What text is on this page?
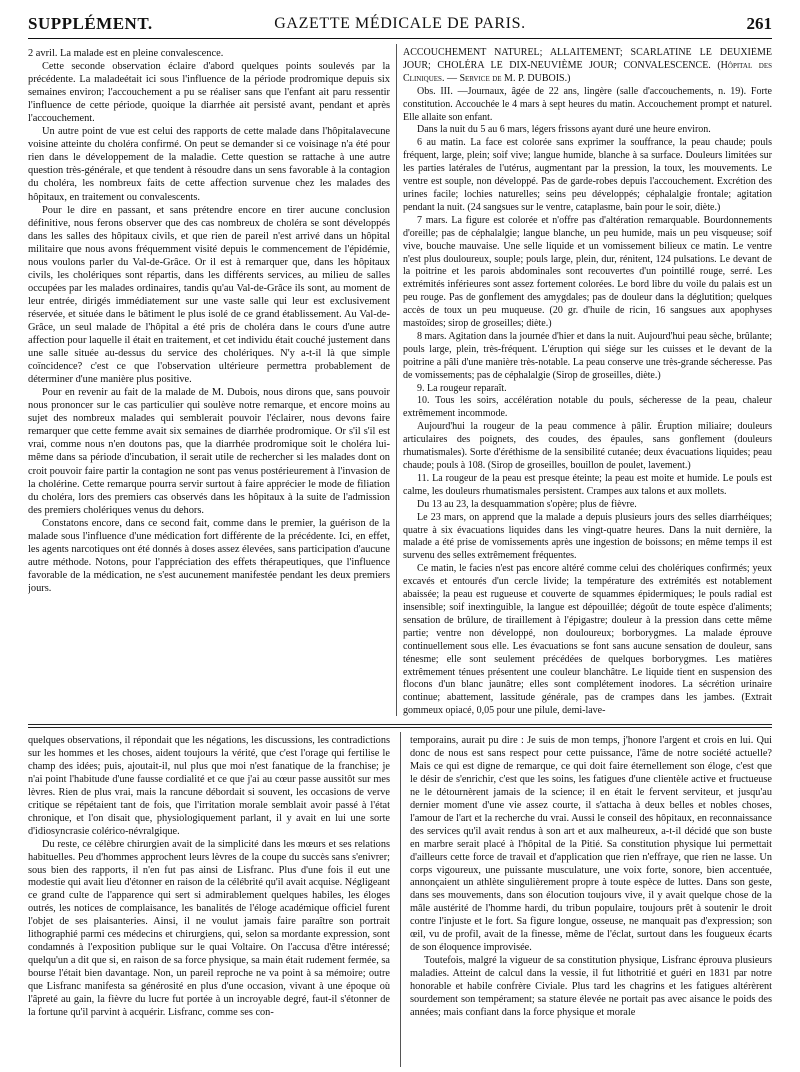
SUPPLÉMENT.	GAZETTE MÉDICALE DE PARIS.	261

2 avril. La malade est en pleine convalescence.

Cette seconde observation éclaire d'abord quelques points soulevés par la précédente. La maladeétait ici sous l'influence de la période prodromique depuis six semaines environ; l'accouchement a pu se réaliser sans que l'enfant ait paru ressentir l'influence de cette période, quoique la diarrhée ait persisté avant, pendant et après l'accouchement.

Un autre point de vue est celui des rapports de cette malade dans l'hôpitalavecune voisine atteinte du choléra confirmé. On peut se demander si ce voisinage n'a été pour rien dans le développement de la maladie. Cette question se rattache à une autre question très-générale, et que tendent à résoudre dans un sens favorable à la contagion du choléra, les nombreux faits de cette affection survenue chez les malades des hôpitaux, en traitement ou convalescents.

Pour le dire en passant, et sans prétendre encore en tirer aucune conclusion définitive, nous ferons observer que des cas nombreux de choléra se sont développés dans les salles des hôpitaux civils, et que rien de pareil n'est arrivé dans un hôpital militaire que nous avons fréquemment visité depuis le commencement de l'épidémie, nous voulons parler du Val-de-Grâce. Or il est à remarquer que, dans les hôpitaux civils, les cholériques sont répartis, dans les différents services, au milieu de salles occupées par les malades ordinaires, tandis qu'au Val-de-Grâce ils sont, au moment de leur entrée, dirigés immédiatement sur une vaste salle qui leur est exclusivement réservée, et située dans le bâtiment le plus isolé de ce grand établissement. Au Val-de-Grâce, un seul malade de l'hôpital a été pris de choléra dans le cours d'une autre affection pour laquelle il était en traitement, et cet individu était couché justement dans une salle située au-dessus du service des cholériques. N'y a-t-il là que simple coïncidence? c'est ce que l'observation ultérieure permettra probablement de déterminer d'une manière plus positive.

Pour en revenir au fait de la malade de M. Dubois, nous dirons que, sans pouvoir nous prononcer sur le cas particulier qui soulève notre remarque, et encore moins au sujet des nombreux malades qui semblerait pouvoir l'éclairer, nous devons faire remarquer que cette femme avait six semaines de diarrhée prodromique. Or s'il s'il est vrai, comme nous n'en doutons pas, que la diarrhée prodromique soit le choléra lui-même dans sa période d'incubation, il serait utile de rechercher si les malades dont on croit pouvoir faire partir la contagion ne sont pas venus postérieurement à l'invasion de la cholérine. Cette remarque pourra servir surtout à faire apprécier le mode de filiation du choléra, lors des premiers cas observés dans les hôpitaux à la suite de l'admission des premiers cholériques venus du dehors.

Constatons encore, dans ce second fait, comme dans le premier, la guérison de la malade sous l'influence d'une médication fort différente de la précédente. Ici, en effet, les agents narcotiques ont été donnés à doses assez élevées, sans participation d'aucune autre méthode. Notons, pour l'appréciation des effets thérapeutiques, que l'influence favorable de la médication, ne s'est aucunement manifestée pendant les deux premiers jours.

ACCOUCHEMENT NATUREL; ALLAITEMENT; SCARLATINE LE DEUXIÈME JOUR; CHOLÉRA LE DIX-NEUVIÈME JOUR; CONVALESCENCE. (Hôpital des Cliniques. — Service de M. P. DUBOIS.)

Obs. III. —Journaux, âgée de 22 ans, lingère (salle d'accouchements, n. 19). Forte constitution. Accouchée le 4 mars à sept heures du matin. Accouchement prompt et naturel. Elle allaite son enfant.

Dans la nuit du 5 au 6 mars, légers frissons ayant duré une heure environ.

6 au matin. La face est colorée sans exprimer la souffrance, la peau chaude; pouls fréquent, large, plein; soif vive; langue humide, blanche à sa surface. Douleurs limitées sur les parties latérales de l'utérus, augmentant par la pression, la toux, les mouvements. Le ventre est souple, non développé. Pas de garde-robes depuis l'accouchement. Excrétion des urines facile; lochies naturelles; seins peu développés; céphalalgie frontale; agitation pendant la nuit. (24 sangsues sur le ventre, cataplasme, bain pour le soir, diète.)

7 mars. La figure est colorée et n'offre pas d'altération remarquable. Bourdonnements d'oreille; pas de céphalalgie; langue blanche, un peu humide, mais un peu visqueuse; soif vive, bouche mauvaise. Une selle liquide et un vomissement bilieux ce matin. Le ventre n'est plus douloureux, souple; pouls large, plein, dur, rénitent, 124 pulsations. Le devant de la poitrine et les parois abdominales sont recouvertes d'un pointillé rouge, serré. Les extrémités inférieures sont assez fortement colorées. Le bord libre du voile du palais est un peu rouge. Pas de gonflement des amygdales; pas de douleur dans la déglutition; quelques accès de toux un peu muqueuse. (20 gr. d'huile de ricin, 16 sangsues aux apophyses mastoïdes; sirop de groseilles; diète.)

8 mars. Agitation dans la journée d'hier et dans la nuit. Aujourd'hui peau sèche, brûlante; pouls large, plein, très-fréquent. L'éruption qui siége sur les cuisses et le devant de la poitrine a pâli d'une manière très-notable. La peau conserve une très-grande sécheresse. Pas de vomissements; pas de céphalalgie (Sirop de groseilles, diète.)

9. La rougeur reparaît.

10. Tous les soirs, accélération notable du pouls, sécheresse de la peau, chaleur extrêmement incommode.

Aujourd'hui la rougeur de la peau commence à pâlir. Éruption miliaire; douleurs articulaires des poignets, des coudes, des épaules, sans gonflement (douleurs rhumatismales). Sorte d'éréthisme de la sensibilité cutanée; deux évacuations liquides; peau chaude; pouls à 108. (Sirop de groseilles, bouillon de poulet, lavement.)

11. La rougeur de la peau est presque éteinte; la peau est moite et humide. Le pouls est calme, les douleurs rhumatismales persistent. Crampes aux talons et aux mollets.

Du 13 au 23, la desquammation s'opère; plus de fièvre.

Le 23 mars, on apprend que la malade a depuis plusieurs jours des selles diarrhéiques; quatre à six évacuations liquides dans les vingt-quatre heures. Dans la nuit dernière, la malade a été prise de vomissements après une ingestion de boissons; en même temps il est survenu des selles extrêmement fréquentes.

Ce matin, le facies n'est pas encore altéré comme celui des cholériques confirmés; yeux excavés et entourés d'un cercle livide; la température des extrémités est notablement abaissée; la peau est rugueuse et couverte de squammes épidermiques; le pouls radial est insensible; soif inextinguible, la langue est dépouillée; dégoût de toute espèce d'aliments; sensation de brûlure, de tiraillement à l'épigastre; douleur à la pression dans cette même partie; ventre non développé, non douloureux; borborygmes. La malade éprouve continuellement sous elle. Les évacuations se font sans aucune sensation de douleur, sans ténesme; elle sont seulement précédées de quelques borborygmes. Les matières extrêmement ténues présentent une couleur blanchâtre. Le liquide tient en suspension des flocons d'un blanc jaunâtre; elles sont complétement inodores. La sécrétion urinaire continue; abattement, lassitude générale, pas de crampes dans les jambes. (Extrait gommeux opiacé, 0,05 pour une pilule, demi-lave-

quelques observations, il répondait que les négations, les discussions, les contradictions sur les hommes et les choses, aident toujours la vérité, que c'est l'orage qui fertilise le champ des idées; puis, ajoutait-il, nul plus que moi n'est fanatique de la franchise; je n'ai point l'habitude d'une fausse cordialité et ce que j'ai au cœur passe aussitôt sur mes lèvres. Rien de plus vrai, mais la rancune débordait si souvent, les occasions de verve critique se répétaient tant de fois, que l'irritation morale semblait avoir passé à l'état chronique, et l'on disait que, physiologiquement parlant, il y avait en lui une sorte d'idiosyncrasie colérico-névralgique.

Du reste, ce célèbre chirurgien avait de la simplicité dans les mœurs et ses relations habituelles. Peu d'hommes approchent leurs lèvres de la coupe du succès sans s'enivrer; sous bien des rapports, il n'en fut pas ainsi de Lisfranc. Plus d'une fois il eut une modestie qui avait lieu d'étonner en raison de la célébrité qu'il avait acquise. Négligeant ce grand culte de l'apparence qui sert si admirablement quelques habiles, les éloges outrés, les notices de complaisance, les banalités de l'éloge académique officiel furent l'objet de ses plaisanteries. Ainsi, il ne voulut jamais faire paraître son portrait lithographié parmi ces médecins et chirurgiens, qui, selon sa mordante expression, sont condamnés à l'exposition publique sur le quai Voltaire. On l'accusa d'être intéressé; quelqu'un a dit que si, en raison de sa force physique, sa main était rudement fermée, sa bourse l'était bien davantage. Non, un pareil reproche ne va point à sa mémoire; outre que Lisfranc manifesta sa générosité en plus d'une occasion, vivant à une époque où l'âpreté au gain, la fièvre du lucre fut portée à un incroyable degré, faut-il s'étonner de la fortune qu'il parvint à acquérir. Lisfranc, comme ses con-

temporains, aurait pu dire : Je suis de mon temps, j'honore l'argent et crois en lui. Qui donc de nous est sans respect pour cette puissance, l'âme de notre société actuelle? Mais ce qui est digne de remarque, ce qui doit faire éternellement son éloge, c'est que le désir de s'enrichir, c'est que les soins, les fatigues d'une clientèle active et fructueuse ne le détournèrent jamais de la science; il en était le fervent serviteur, et jusqu'au dernier moment d'une vie assez courte, il s'attacha à deux belles et nobles choses, l'amour de l'art et la recherche du vrai. Aussi le conseil des hôpitaux, en reconnaissance des services qu'il avait rendus à son art et aux malheureux, a-t-il décidé que son buste en marbre serait placé à l'hôpital de la Pitié. Sa constitution physique lui permettait d'ailleurs cette force de travail et d'application que rien n'effraye, que rien ne lasse. Un corps vigoureux, une puissante musculature, une voix forte, sonore, bien accentuée, annonçaient un athlète singulièrement propre à toute espèce de luttes. Dans son geste, dans ses mouvements, dans son élocution toujours vive, il y avait quelque chose de la mâle austérité de l'homme hardi, du tribun populaire, toujours prêt à soutenir le droit contre l'injuste et le fort. Sa figure longue, osseuse, ne manquait pas d'expression; son œil, vu de profil, avait de la finesse, même de l'éclat, surtout dans les fougueux écarts de son éloquence improvisée.

Toutefois, malgré la vigueur de sa constitution physique, Lisfranc éprouva plusieurs maladies. Atteint de calcul dans la vessie, il fut lithotritié et guéri en 1831 par notre honorable et habile confrère Civiale. Plus tard les chagrins et les fatigues altérèrent sourdement son tempérament; sa stature élevée ne portait pas avec aisance le poids des années; mais confiant dans la force physique et morale
